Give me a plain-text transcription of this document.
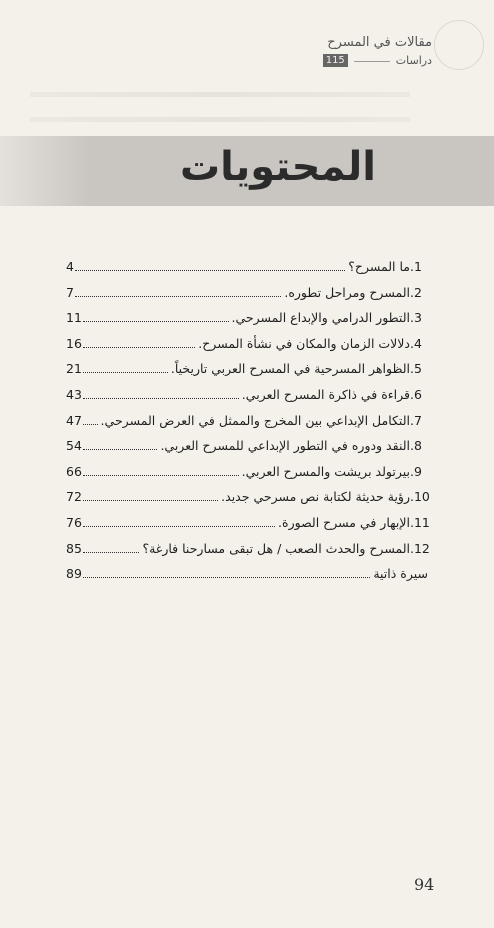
مقالات في المسرح
دراسات
115
المحتويات
.1
ما المسرح؟
4
.2
المسرح ومراحل تطوره.
7
.3
التطور الدرامي والإبداع المسرحي.
11
.4
دلالات الزمان والمكان في نشأة المسرح.
16
.5
الظواهر المسرحية في المسرح العربي تاريخياً.
21
.6
قراءة في ذاكرة المسرح العربي.
43
.7
التكامل الإبداعي بين المخرج والممثل في العرض المسرحي.
47
.8
النقد ودوره في التطور الإبداعي للمسرح العربي.
54
.9
بيرتولد بريشت والمسرح العربي.
66
.10
رؤية حديثة لكتابة نص مسرحي جديد.
72
.11
الإبهار في مسرح الصورة.
76
.12
المسرح والحدث الصعب / هل تبقى مسارحنا فارغة؟
85
سيرة ذاتية
89
94
